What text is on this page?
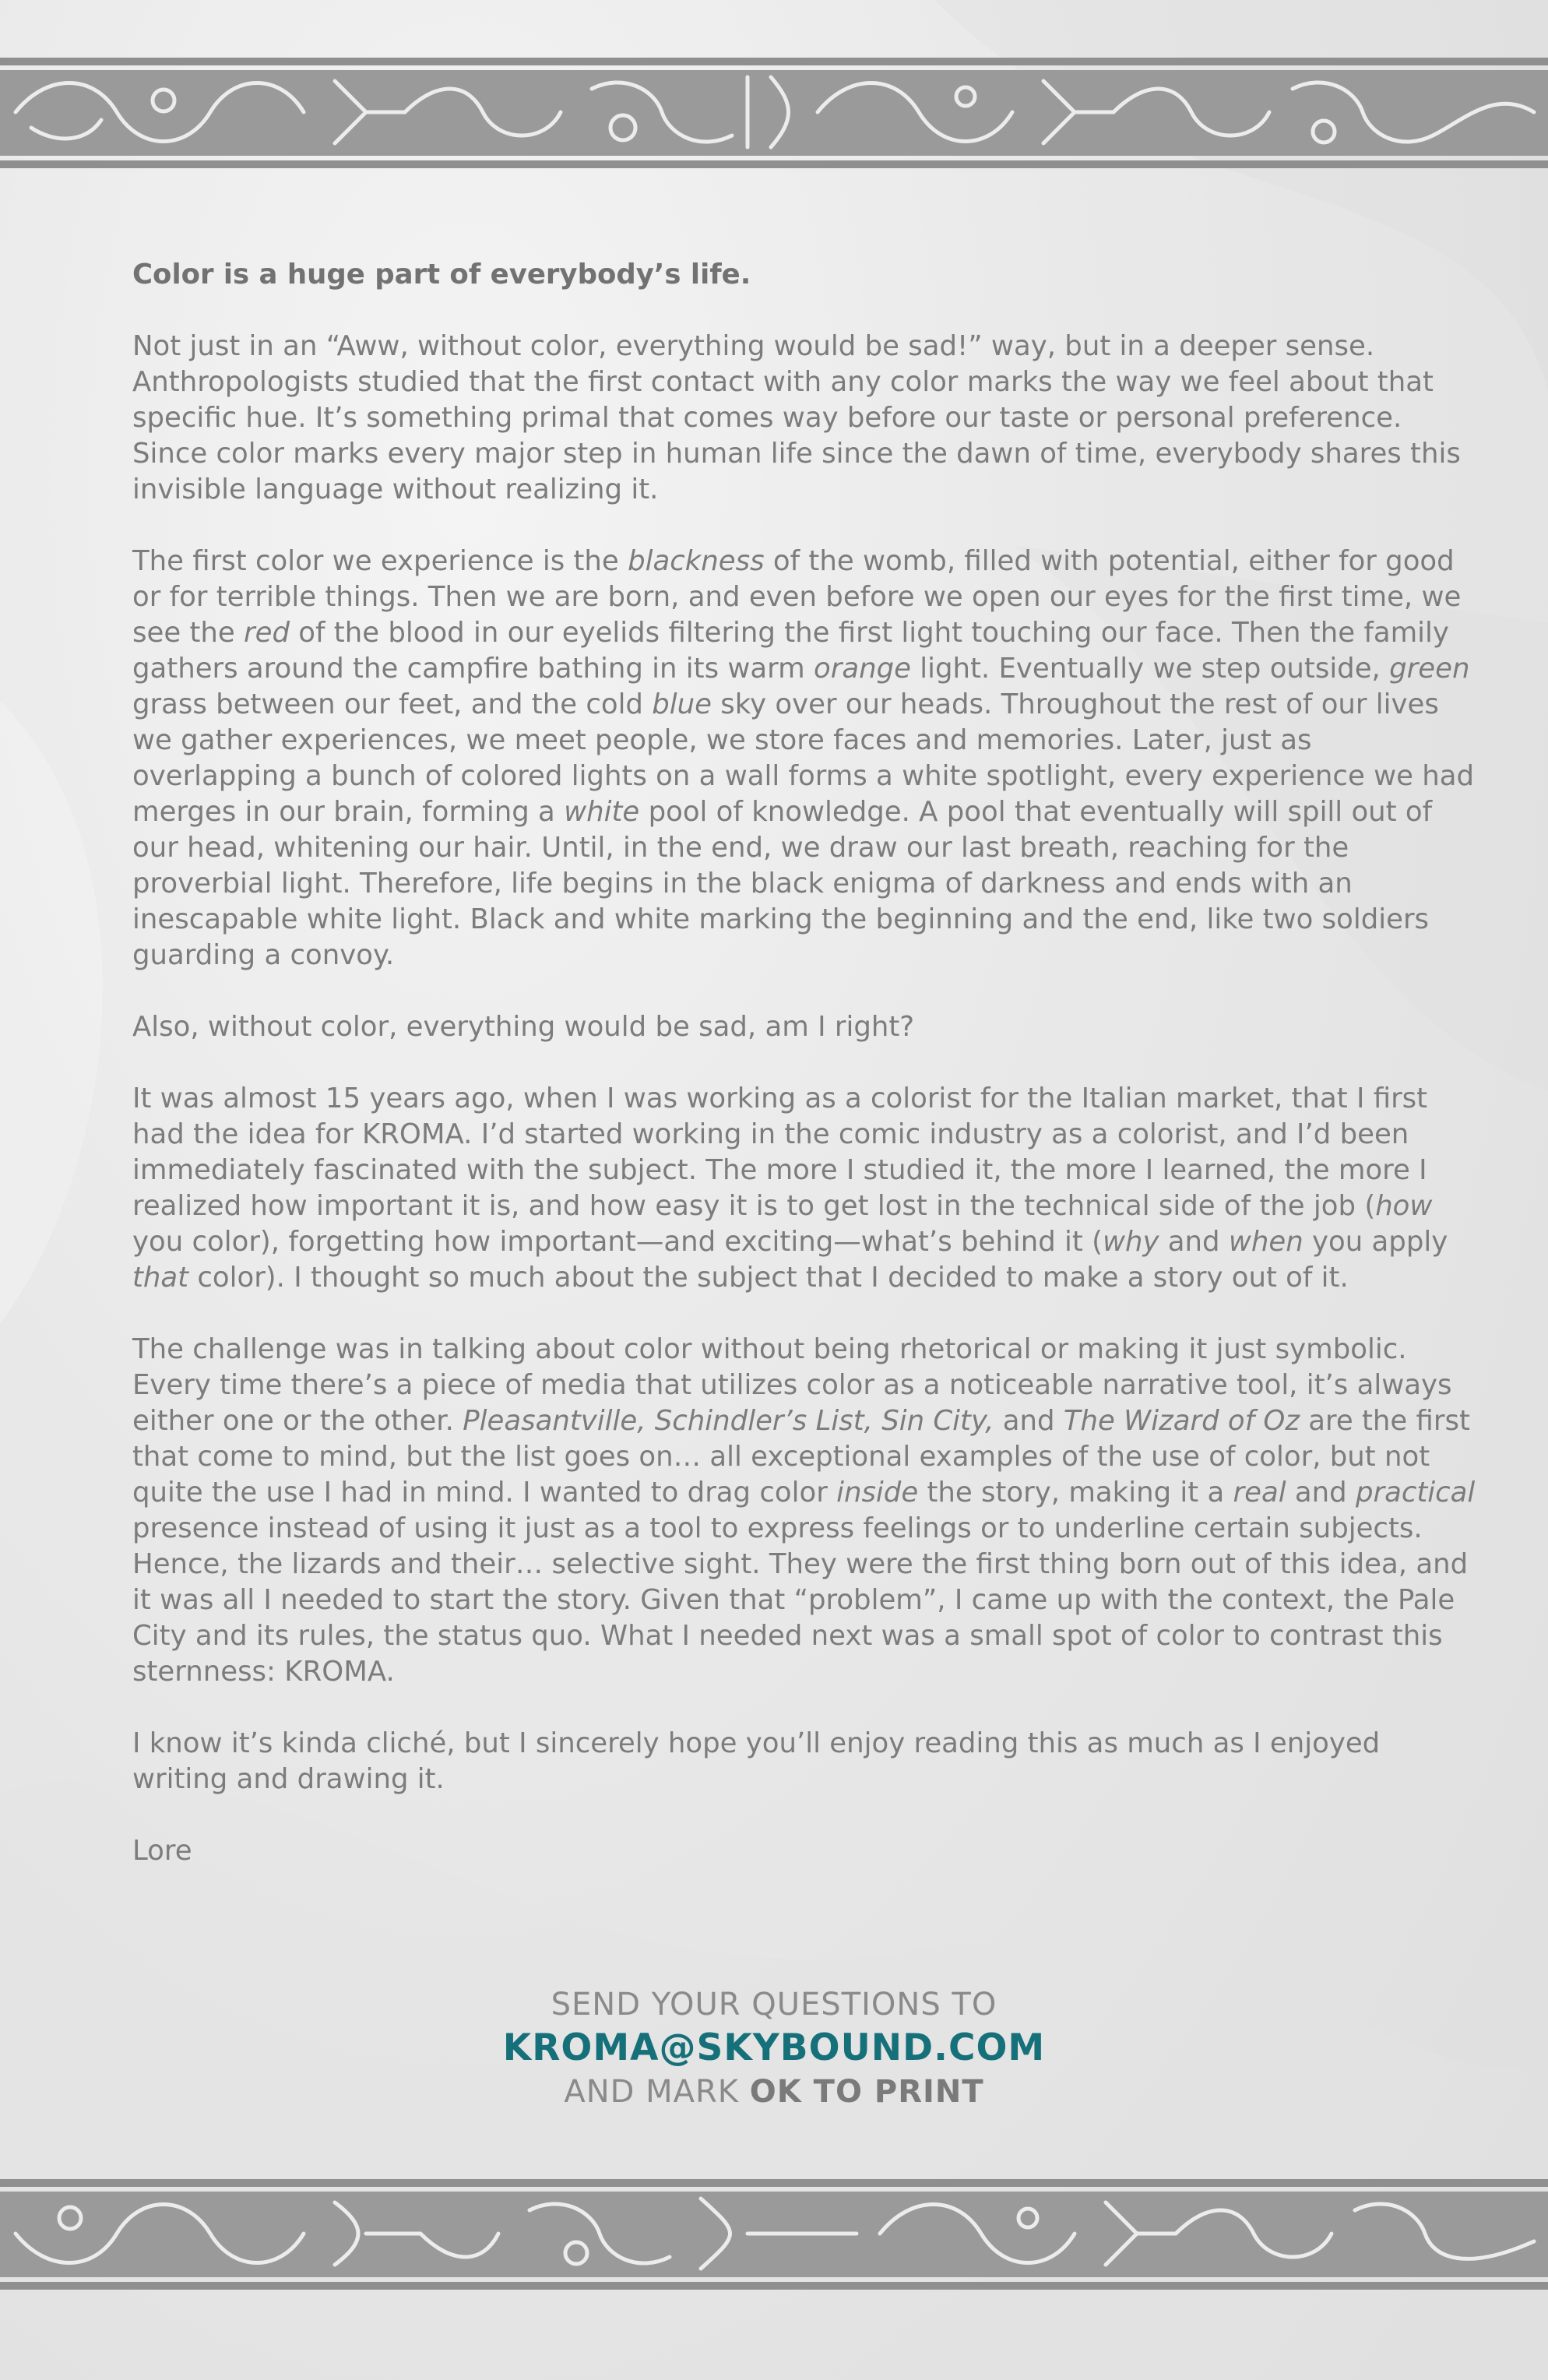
Color is a huge part of everybody’s life.

Not just in an “Aww, without color, everything would be sad!” way, but in a deeper sense. Anthropologists studied that the first contact with any color marks the way we feel about that specific hue. It’s something primal that comes way before our taste or personal preference. Since color marks every major step in human life since the dawn of time, everybody shares this invisible language without realizing it.

The first color we experience is the blackness of the womb, filled with potential, either for good or for terrible things. Then we are born, and even before we open our eyes for the first time, we see the red of the blood in our eyelids filtering the first light touching our face. Then the family gathers around the campfire bathing in its warm orange light. Eventually we step outside, green grass between our feet, and the cold blue sky over our heads. Throughout the rest of our lives we gather experiences, we meet people, we store faces and memories. Later, just as overlapping a bunch of colored lights on a wall forms a white spotlight, every experience we had merges in our brain, forming a white pool of knowledge. A pool that eventually will spill out of our head, whitening our hair. Until, in the end, we draw our last breath, reaching for the proverbial light. Therefore, life begins in the black enigma of darkness and ends with an inescapable white light. Black and white marking the beginning and the end, like two soldiers guarding a convoy.

Also, without color, everything would be sad, am I right?

It was almost 15 years ago, when I was working as a colorist for the Italian market, that I first had the idea for KROMA. I’d started working in the comic industry as a colorist, and I’d been immediately fascinated with the subject. The more I studied it, the more I learned, the more I realized how important it is, and how easy it is to get lost in the technical side of the job (how you color), forgetting how important—and exciting—what’s behind it (why and when you apply that color). I thought so much about the subject that I decided to make a story out of it.

The challenge was in talking about color without being rhetorical or making it just symbolic. Every time there’s a piece of media that utilizes color as a noticeable narrative tool, it’s always either one or the other. Pleasantville, Schindler’s List, Sin City, and The Wizard of Oz are the first that come to mind, but the list goes on… all exceptional examples of the use of color, but not quite the use I had in mind. I wanted to drag color inside the story, making it a real and practical presence instead of using it just as a tool to express feelings or to underline certain subjects. Hence, the lizards and their… selective sight. They were the first thing born out of this idea, and it was all I needed to start the story. Given that “problem”, I came up with the context, the Pale City and its rules, the status quo. What I needed next was a small spot of color to contrast this sternness: KROMA.

I know it’s kinda cliché, but I sincerely hope you’ll enjoy reading this as much as I enjoyed writing and drawing it.

Lore

SEND YOUR QUESTIONS TO
KROMA@SKYBOUND.COM
AND MARK OK TO PRINT
